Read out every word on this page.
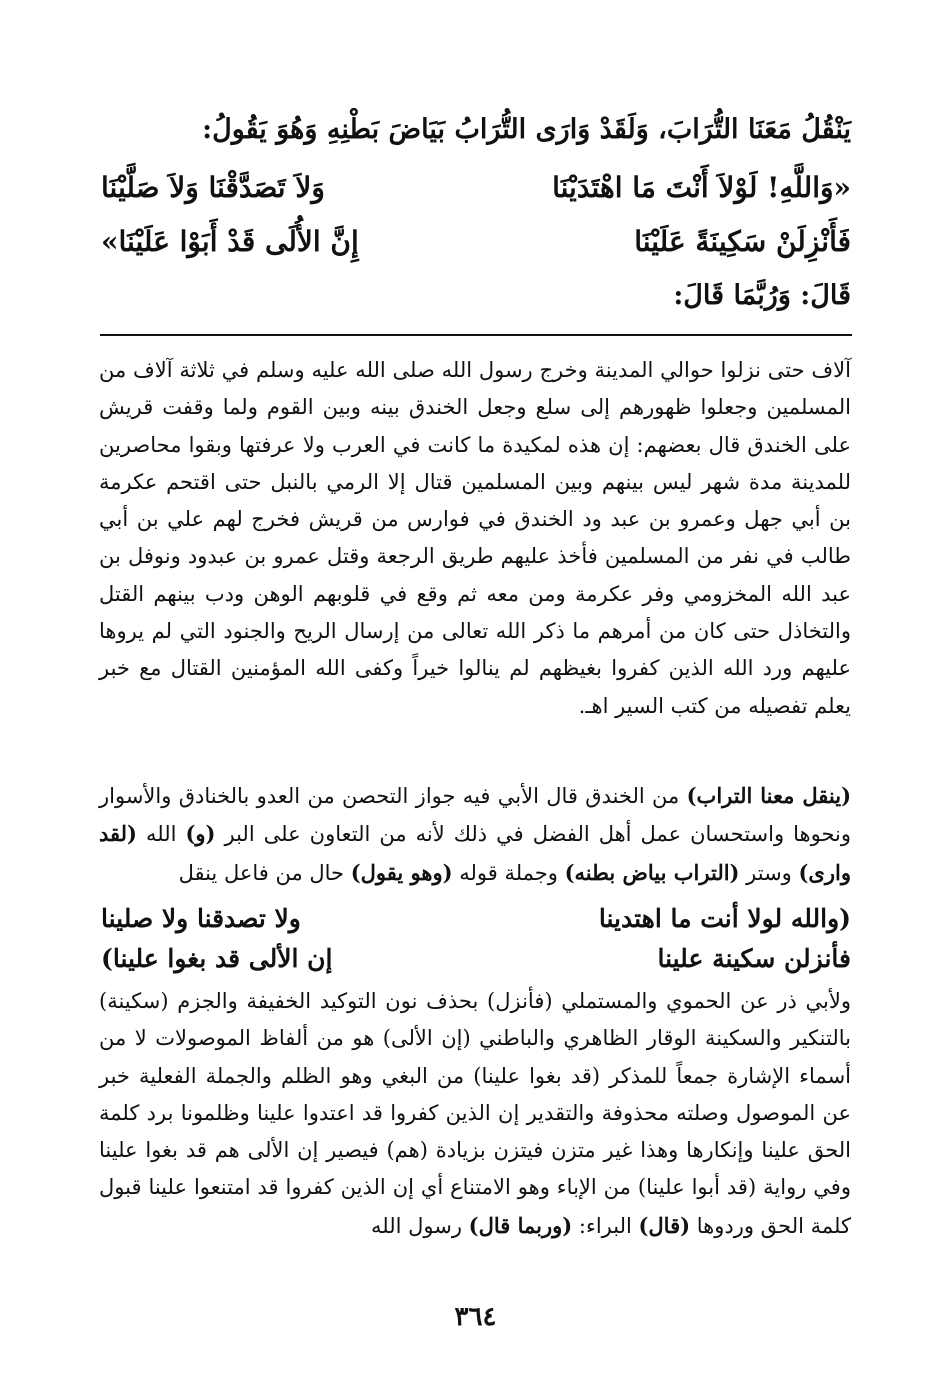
يَنْقُلُ مَعَنَا التُّرَابَ، وَلَقَدْ وَارَى التُّرَابُ بَيَاضَ بَطْنِهِ وَهُوَ يَقُولُ:
«وَاللَّهِ! لَوْلاَ أَنْتَ مَا اهْتَدَيْنَا
وَلاَ تَصَدَّقْنَا وَلاَ صَلَّيْنَا
فَأَنْزِلَنْ سَكِينَةً عَلَيْنَا
إِنَّ الأُلَى قَدْ أَبَوْا عَلَيْنَا»
قَالَ: وَرُبَّمَا قَالَ:

آلاف حتى نزلوا حوالي المدينة وخرج رسول الله صلى الله عليه وسلم في ثلاثة آلاف من المسلمين وجعلوا ظهورهم إلى سلع وجعل الخندق بينه وبين القوم ولما وقفت قريش على الخندق قال بعضهم: إن هذه لمكيدة ما كانت في العرب ولا عرفتها وبقوا محاصرين للمدينة مدة شهر ليس بينهم وبين المسلمين قتال إلا الرمي بالنبل حتى اقتحم عكرمة بن أبي جهل وعمرو بن عبد ود الخندق في فوارس من قريش فخرج لهم علي بن أبي طالب في نفر من المسلمين فأخذ عليهم طريق الرجعة وقتل عمرو بن عبدود ونوفل بن عبد الله المخزومي وفر عكرمة ومن معه ثم وقع في قلوبهم الوهن ودب بينهم القتل والتخاذل حتى كان من أمرهم ما ذكر الله تعالى من إرسال الريح والجنود التي لم يروها عليهم ورد الله الذين كفروا بغيظهم لم ينالوا خيراً وكفى الله المؤمنين القتال مع خبر يعلم تفصيله من كتب السير اهـ.

(ينقل معنا التراب) من الخندق قال الأبي فيه جواز التحصن من العدو بالخنادق والأسوار ونحوها واستحسان عمل أهل الفضل في ذلك لأنه من التعاون على البر (و) الله (لقد وارى) وستر (التراب بياض بطنه) وجملة قوله (وهو يقول) حال من فاعل ينقل

(والله لولا أنت ما اهتدينا
ولا تصدقنا ولا صلينا
فأنزلن سكينة علينا
إن الألى قد بغوا علينا)

ولأبي ذر عن الحموي والمستملي (فأنزل) بحذف نون التوكيد الخفيفة والجزم (سكينة) بالتنكير والسكينة الوقار الظاهري والباطني (إن الألى) هو من ألفاظ الموصولات لا من أسماء الإشارة جمعاً للمذكر (قد بغوا علينا) من البغي وهو الظلم والجملة الفعلية خبر عن الموصول وصلته محذوفة والتقدير إن الذين كفروا قد اعتدوا علينا وظلمونا برد كلمة الحق علينا وإنكارها وهذا غير متزن فيتزن بزيادة (هم) فيصير إن الألى هم قد بغوا علينا وفي رواية (قد أبوا علينا) من الإباء وهو الامتناع أي إن الذين كفروا قد امتنعوا علينا قبول كلمة الحق وردوها (قال) البراء: (وربما قال) رسول الله

٣٦٤
